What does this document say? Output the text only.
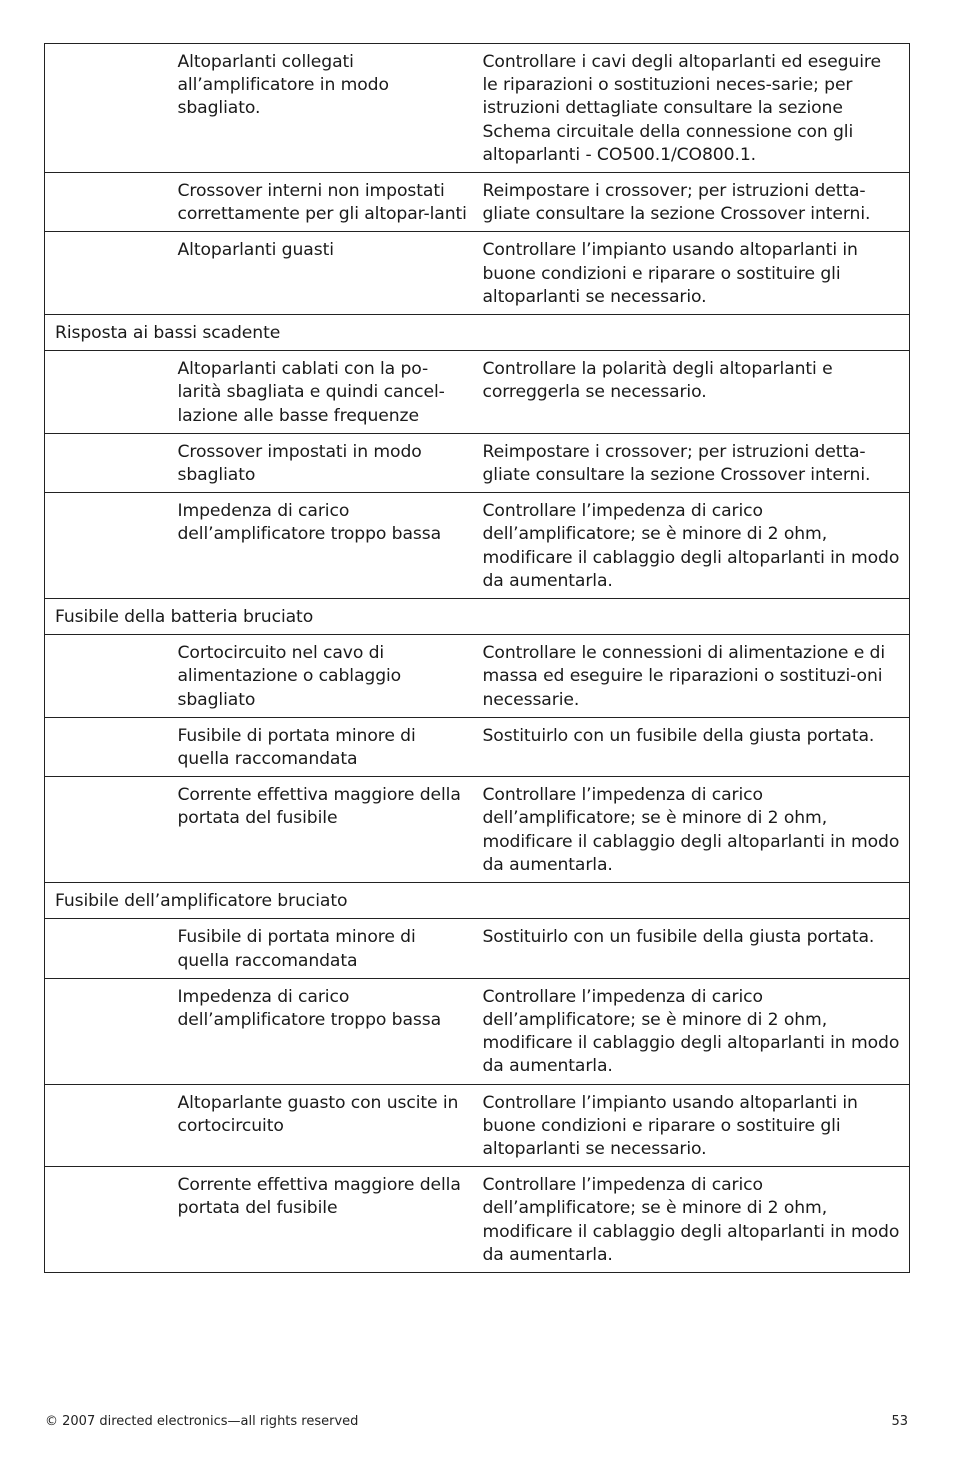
	Altoparlanti collegati all’amplificatore in modo sbagliato.	Controllare i cavi degli altoparlanti ed eseguire le riparazioni o sostituzioni neces-sarie; per istruzioni dettagliate consultare la sezione Schema circuitale della connessione con gli altoparlanti - CO500.1/CO800.1.
	Crossover interni non impostati correttamente per gli altopar-lanti	Reimpostare i crossover; per istruzioni detta-gliate consultare la sezione Crossover interni.
	Altoparlanti guasti	Controllare l’impianto usando altoparlanti in buone condizioni e riparare o sostituire gli altoparlanti se necessario.
Risposta ai bassi scadente		
	Altoparlanti cablati con la po-larità sbagliata e quindi cancel-lazione alle basse frequenze	Controllare la polarità degli altoparlanti e correggerla se necessario.
	Crossover impostati in modo sbagliato	Reimpostare i crossover; per istruzioni detta-gliate consultare la sezione Crossover interni.
	Impedenza di carico dell’amplificatore troppo bassa	Controllare l’impedenza di carico dell’amplificatore; se è minore di 2 ohm, modificare il cablaggio degli altoparlanti in modo da aumentarla.
Fusibile della batteria bruciato		
	Cortocircuito nel cavo di alimentazione o cablaggio sbagliato	Controllare le connessioni di alimentazione e di massa ed eseguire le riparazioni o sostituzi-oni necessarie.
	Fusibile di portata minore di quella raccomandata	Sostituirlo con un fusibile della giusta portata.
	Corrente effettiva maggiore della portata del fusibile	Controllare l’impedenza di carico dell’amplificatore; se è minore di 2 ohm, modificare il cablaggio degli altoparlanti in modo da aumentarla.
Fusibile dell’amplificatore bruciato		
	Fusibile di portata minore di quella raccomandata	Sostituirlo con un fusibile della giusta portata.
	Impedenza di carico dell’amplificatore troppo bassa	Controllare l’impedenza di carico dell’amplificatore; se è minore di 2 ohm, modificare il cablaggio degli altoparlanti in modo da aumentarla.
	Altoparlante guasto con uscite in cortocircuito	Controllare l’impianto usando altoparlanti in buone condizioni e riparare o sostituire gli altoparlanti se necessario.
	Corrente effettiva maggiore della portata del fusibile	Controllare l’impedenza di carico dell’amplificatore; se è minore di 2 ohm, modificare il cablaggio degli altoparlanti in modo da aumentarla.
© 2007 directed electronics—all rights reserved	53
